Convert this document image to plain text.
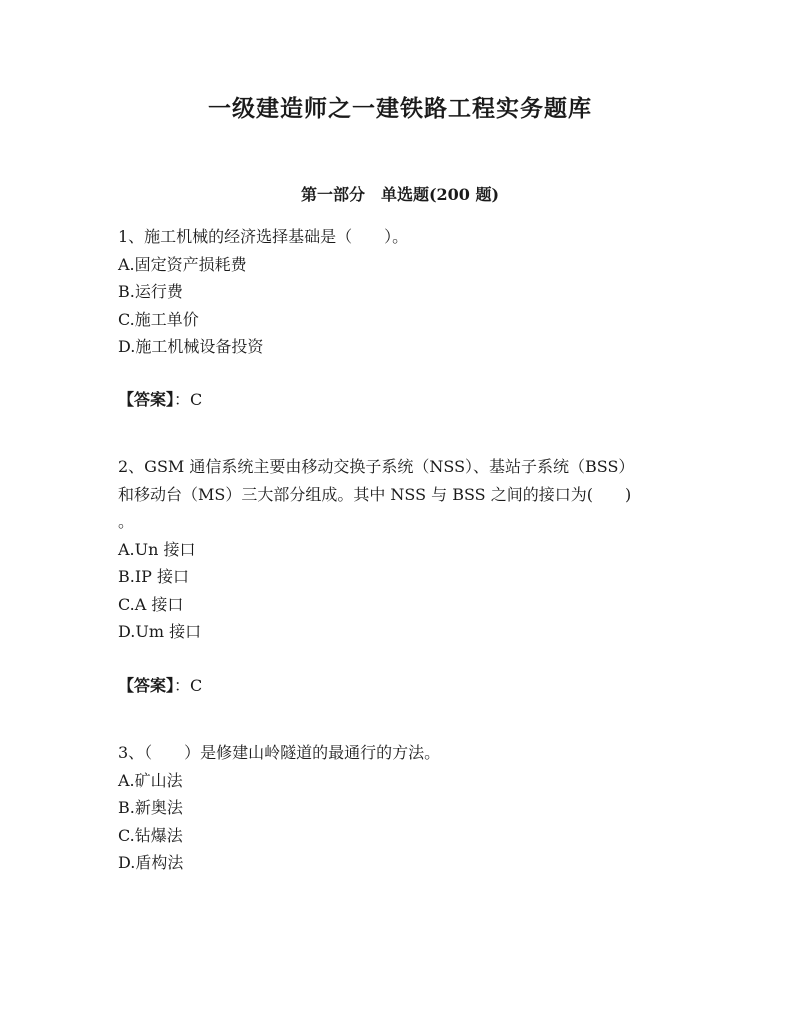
一级建造师之一建铁路工程实务题库
第一部分　单选题(200 题)

1、施工机械的经济选择基础是（　　）。

A.固定资产损耗费

B.运行费

C.施工单价

D.施工机械设备投资

【答案】：C

2、GSM 通信系统主要由移动交换子系统（NSS）、基站子系统（BSS）

和移动台（MS）三大部分组成。其中 NSS 与 BSS 之间的接口为(　　)

。

A.Un 接口

B.IP 接口

C.A 接口

D.Um 接口

【答案】：C

3、（　　）是修建山岭隧道的最通行的方法。

A.矿山法

B.新奥法

C.钻爆法

D.盾构法
